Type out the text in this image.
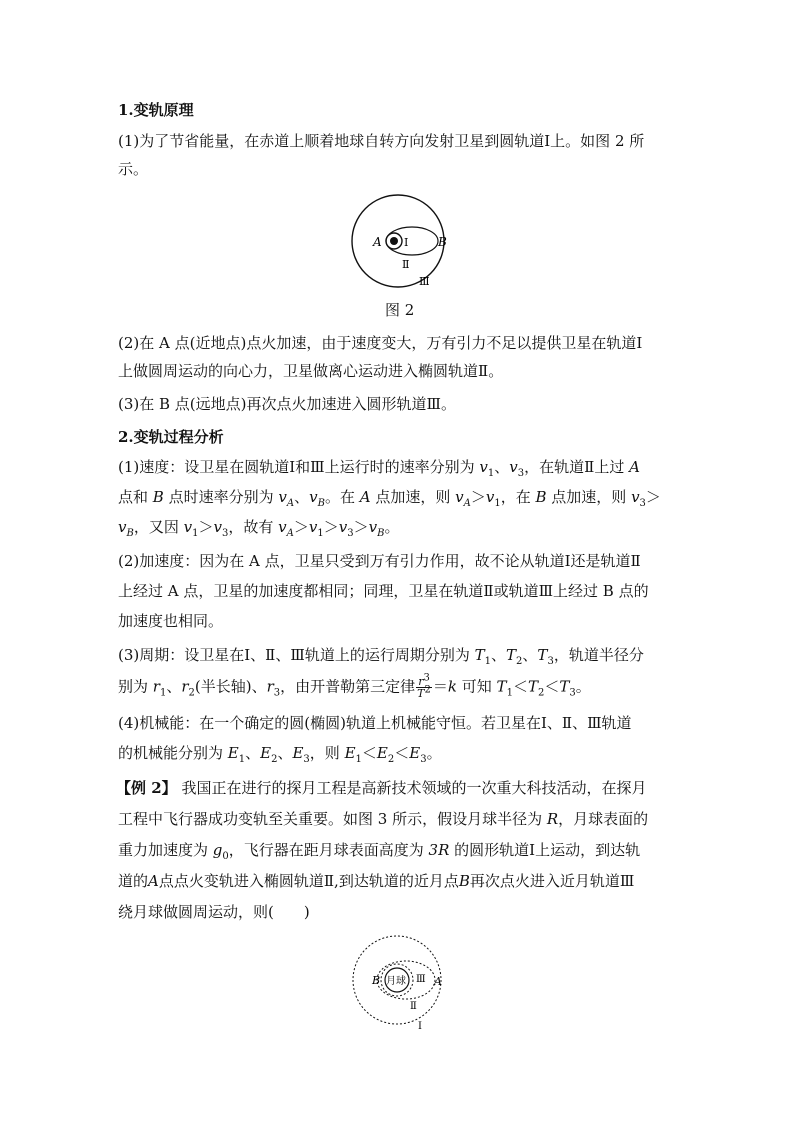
1.变轨原理
(1)为了节省能量，在赤道上顺着地球自转方向发射卫星到圆轨道Ⅰ上。如图 2 所
示。
A Ⅰ B
Ⅱ
Ⅲ
图 2
(2)在 A 点(近地点)点火加速，由于速度变大，万有引力不足以提供卫星在轨道Ⅰ
上做圆周运动的向心力，卫星做离心运动进入椭圆轨道Ⅱ。
(3)在 B 点(远地点)再次点火加速进入圆形轨道Ⅲ。
2.变轨过程分析
(1)速度：设卫星在圆轨道Ⅰ和Ⅲ上运行时的速率分别为 $v_1$、$v_3$，在轨道Ⅱ上过 A
点和 B 点时速率分别为 $v_A$、$v_B$。在 A 点加速，则 $v_A>v_1$，在 B 点加速，则 $v_3>$
$v_B$，又因 $v_1>v_3$，故有 $v_A>v_1>v_3>v_B$。
(2)加速度：因为在 A 点，卫星只受到万有引力作用，故不论从轨道Ⅰ还是轨道Ⅱ
上经过 A 点，卫星的加速度都相同；同理，卫星在轨道Ⅱ或轨道Ⅲ上经过 B 点的
加速度也相同。
(3)周期：设卫星在Ⅰ、Ⅱ、Ⅲ轨道上的运行周期分别为 $T_1$、$T_2$、$T_3$，轨道半径分
别为 $r_1$、$r_2$(半长轴)、$r_3$，由开普勒第三定律 $\frac{r^3}{T^2} =k$ 可知 $T_1<T_2<T_3$。
(4)机械能：在一个确定的圆(椭圆)轨道上机械能守恒。若卫星在Ⅰ、Ⅱ、Ⅲ轨道
的机械能分别为 $E_1$、$E_2$、$E_3$，则 $E_1<E_2<E_3$。
【例 2】 我国正在进行的探月工程是高新技术领域的一次重大科技活动，在探月
工程中飞行器成功变轨至关重要。如图 3 所示，假设月球半径为 R，月球表面的
重力加速度为 $g_0$，飞行器在距月球表面高度为 3R 的圆形轨道Ⅰ上运动，到达轨
道的A点点火变轨进入椭圆轨道Ⅱ,到达轨道的近月点B再次点火进入近月轨道Ⅲ
绕月球做圆周运动，则(　　)
月球
B	Ⅲ A
Ⅱ
Ⅰ
